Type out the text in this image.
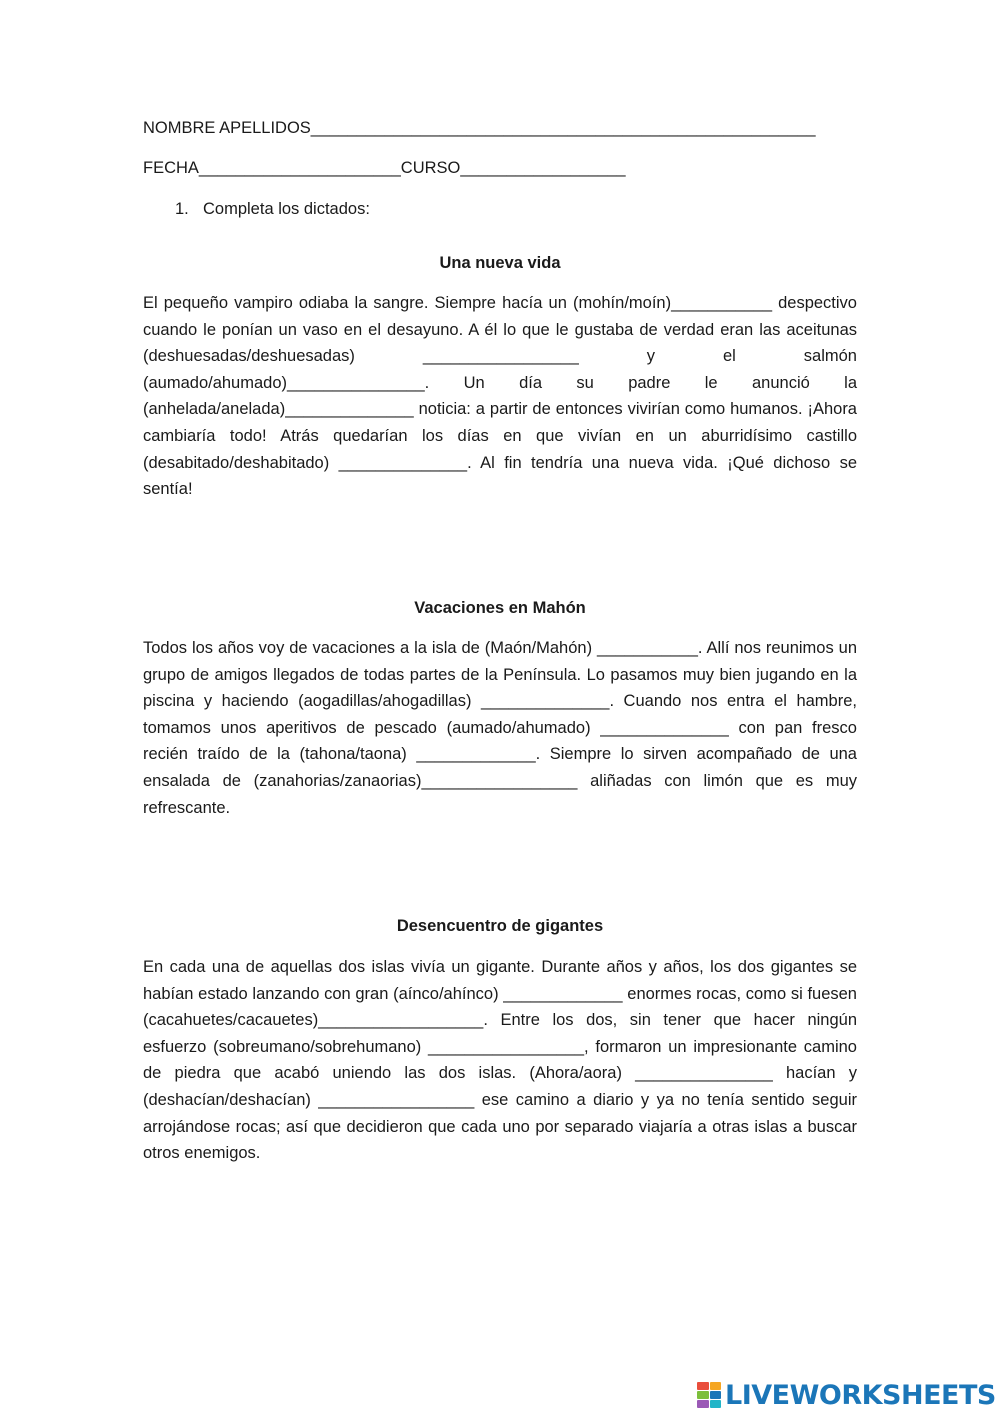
NOMBRE APELLIDOS_______________________________________________________
FECHA______________________CURSO__________________
1. Completa los dictados:
Una nueva vida
El pequeño vampiro odiaba la sangre. Siempre hacía un (mohín/moín)___________ despectivo cuando le ponían un vaso en el desayuno. A él lo que le gustaba de verdad eran las aceitunas (deshuesadas/deshuesadas) _________________ y el salmón (aumado/ahumado)_______________. Un día su padre le anunció la (anhelada/anelada)______________ noticia: a partir de entonces vivirían como humanos. ¡Ahora cambiaría todo! Atrás quedarían los días en que vivían en un aburridísimo castillo (desabitado/deshabitado) ______________. Al fin tendría una nueva vida. ¡Qué dichoso se sentía!
Vacaciones en Mahón
Todos los años voy de vacaciones a la isla de (Maón/Mahón) ___________. Allí nos reunimos un grupo de amigos llegados de todas partes de la Península. Lo pasamos muy bien jugando en la piscina y haciendo (aogadillas/ahogadillas) ______________. Cuando nos entra el hambre, tomamos unos aperitivos de pescado (aumado/ahumado) ______________ con pan fresco recién traído de la (tahona/taona) _____________. Siempre lo sirven acompañado de una ensalada de (zanahorias/zanaorias)_________________ aliñadas con limón que es muy refrescante.
Desencuentro de gigantes
En cada una de aquellas dos islas vivía un gigante. Durante años y años, los dos gigantes se habían estado lanzando con gran (aínco/ahínco) _____________ enormes rocas, como si fuesen (cacahuetes/cacauetes)__________________. Entre los dos, sin tener que hacer ningún esfuerzo (sobreumano/sobrehumano) _________________, formaron un impresionante camino de piedra que acabó uniendo las dos islas. (Ahora/aora) _______________ hacían y (deshacían/deshacían) _________________ ese camino a diario y ya no tenía sentido seguir arrojándose rocas; así que decidieron que cada uno por separado viajaría a otras islas a buscar otros enemigos.
LIVEWORKSHEETS
